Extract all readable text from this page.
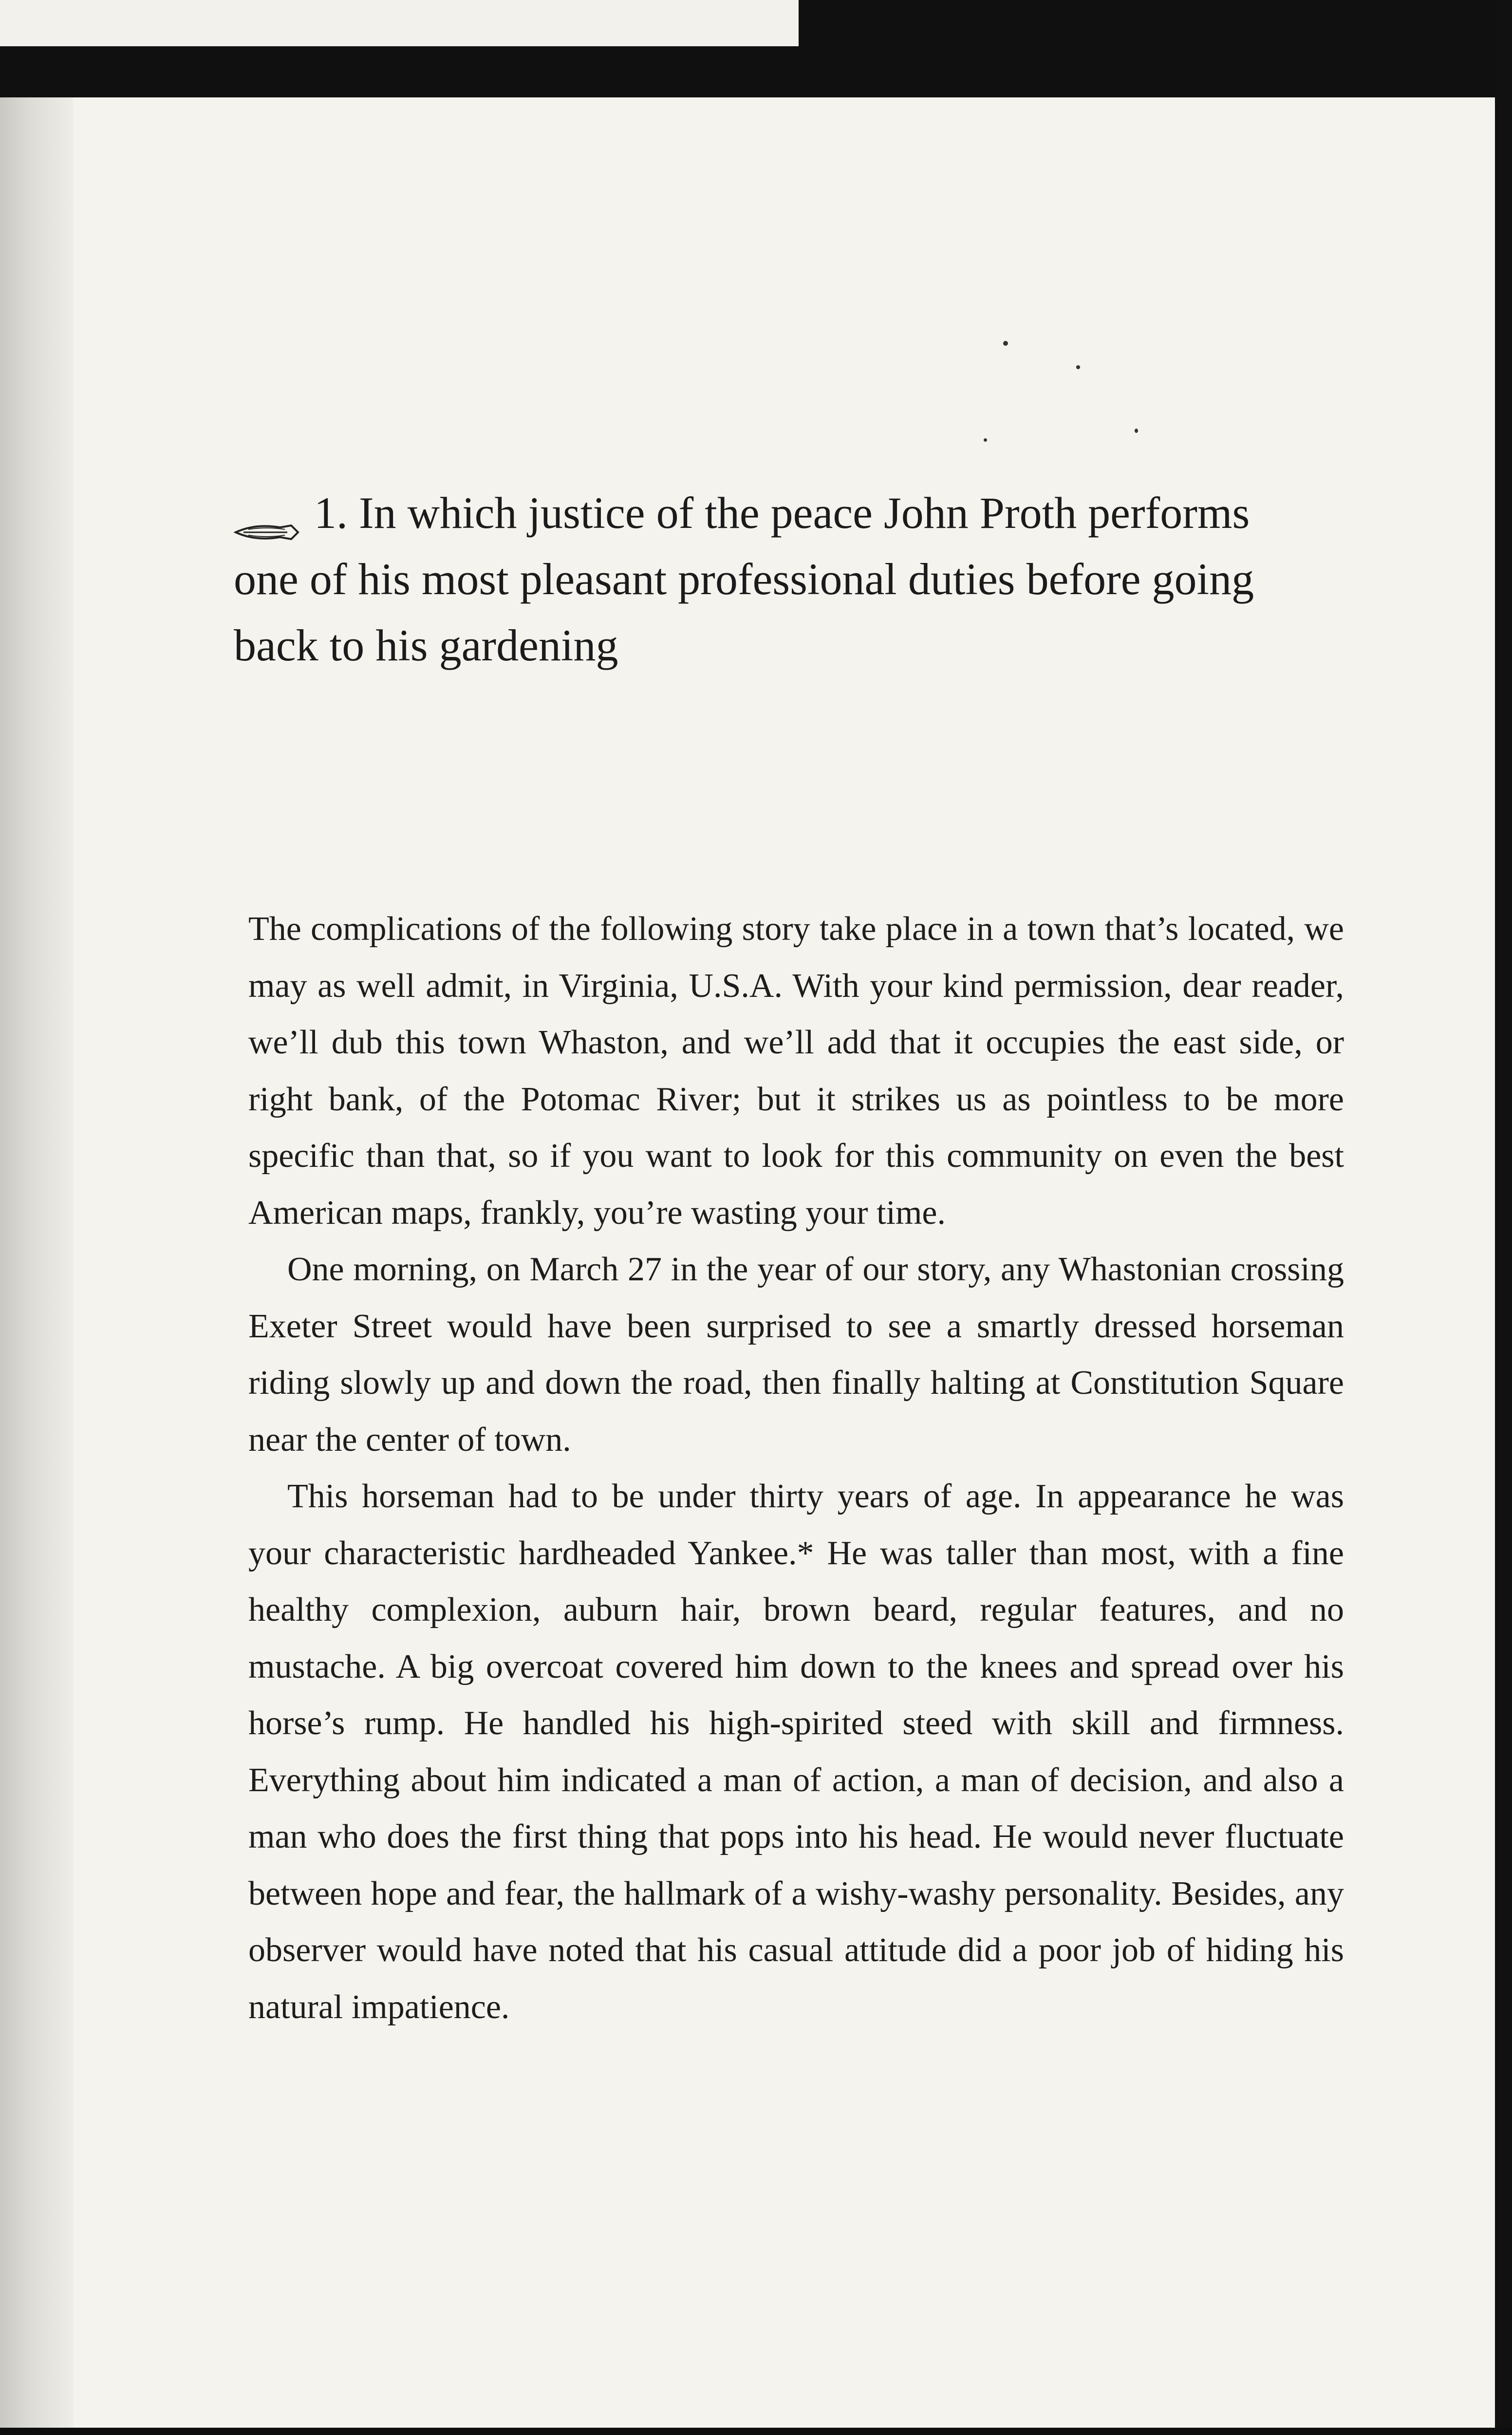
1. In which justice of the peace John Proth performs one of his most pleasant professional duties before going back to his gardening

The complications of the following story take place in a town that’s located, we may as well admit, in Virginia, U.S.A. With your kind permission, dear reader, we’ll dub this town Whaston, and we’ll add that it occupies the east side, or right bank, of the Potomac River; but it strikes us as pointless to be more specific than that, so if you want to look for this community on even the best American maps, frankly, you’re wasting your time.

One morning, on March 27 in the year of our story, any Whastonian crossing Exeter Street would have been surprised to see a smartly dressed horseman riding slowly up and down the road, then finally halting at Constitution Square near the center of town.

This horseman had to be under thirty years of age. In appearance he was your characteristic hardheaded Yankee.* He was taller than most, with a fine healthy complexion, auburn hair, brown beard, regular features, and no mustache. A big overcoat covered him down to the knees and spread over his horse’s rump. He handled his high-spirited steed with skill and firmness. Everything about him indicated a man of action, a man of decision, and also a man who does the first thing that pops into his head. He would never fluctuate between hope and fear, the hallmark of a wishy-washy personality. Besides, any observer would have noted that his casual attitude did a poor job of hiding his natural impatience.
